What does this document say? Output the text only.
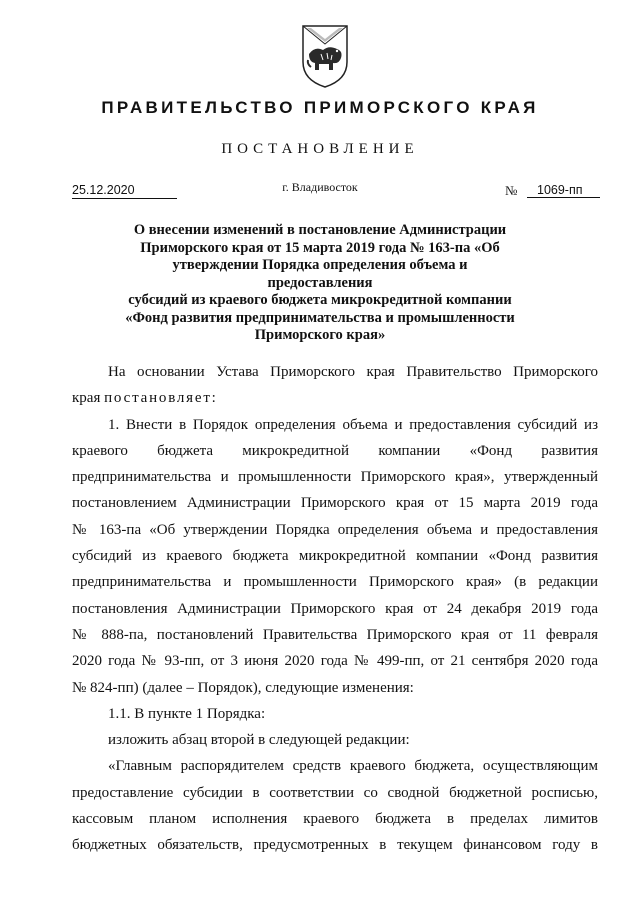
ПРАВИТЕЛЬСТВО ПРИМОРСКОГО КРАЯ
ПОСТАНОВЛЕНИЕ
25.12.2020	г. Владивосток	№	1069-пп
О внесении изменений в постановление Администрации
Приморского края от 15 марта 2019 года № 163-па «Об
утверждении Порядка определения объема и предоставления
субсидий из краевого бюджета микрокредитной компании
«Фонд развития предпринимательства и промышленности
Приморского края»
На основании Устава Приморского края Правительство Приморского
края постановляет:
1. Внести в Порядок определения объема и предоставления субсидий из
краевого бюджета микрокредитной компании «Фонд развития
предпринимательства и промышленности Приморского края», утвержденный
постановлением Администрации Приморского края от 15 марта 2019 года
№ 163-па «Об утверждении Порядка определения объема и предоставления
субсидий из краевого бюджета микрокредитной компании «Фонд развития
предпринимательства и промышленности Приморского края» (в редакции
постановления Администрации Приморского края от 24 декабря 2019 года
№ 888-па, постановлений Правительства Приморского края от 11 февраля
2020 года № 93-пп, от 3 июня 2020 года № 499-пп, от 21 сентября 2020 года
№ 824-пп) (далее – Порядок), следующие изменения:
1.1. В пункте 1 Порядка:
изложить абзац второй в следующей редакции:
«Главным распорядителем средств краевого бюджета, осуществляющим
предоставление субсидии в соответствии со сводной бюджетной росписью,
кассовым планом исполнения краевого бюджета в пределах лимитов
бюджетных обязательств, предусмотренных в текущем финансовом году в
